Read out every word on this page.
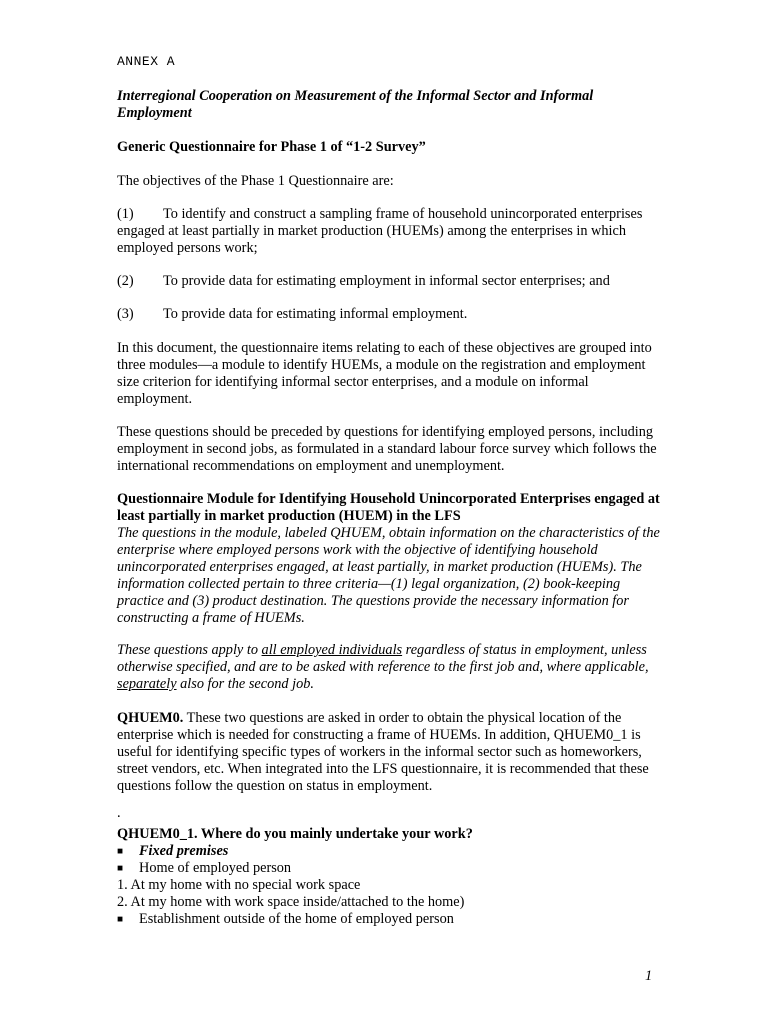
ANNEX A

Interregional Cooperation on Measurement of the Informal Sector and Informal Employment

Generic Questionnaire for Phase 1 of “1-2 Survey”

The objectives of the Phase 1 Questionnaire are:

(1) To identify and construct a sampling frame of household unincorporated enterprises engaged at least partially in market production (HUEMs) among the enterprises in which employed persons work;

(2) To provide data for estimating employment in informal sector enterprises; and

(3) To provide data for estimating informal employment.

In this document, the questionnaire items relating to each of these objectives are grouped into three modules—a module to identify HUEMs, a module on the registration and employment size criterion for identifying informal sector enterprises, and a module on informal employment.

These questions should be preceded by questions for identifying employed persons, including employment in second jobs, as formulated in a standard labour force survey which follows the international recommendations on employment and unemployment.

Questionnaire Module for Identifying Household Unincorporated Enterprises engaged at least partially in market production (HUEM) in the LFS

The questions in the module, labeled QHUEM, obtain information on the characteristics of the enterprise where employed persons work with the objective of identifying household unincorporated enterprises engaged, at least partially, in market production (HUEMs). The information collected pertain to three criteria—(1) legal organization, (2) book-keeping practice and (3) product destination. The questions provide the necessary information for constructing a frame of HUEMs.

These questions apply to all employed individuals regardless of status in employment, unless otherwise specified, and are to be asked with reference to the first job and, where applicable, separately also for the second job.

QHUEM0. These two questions are asked in order to obtain the physical location of the enterprise which is needed for constructing a frame of HUEMs. In addition, QHUEM0_1 is useful for identifying specific types of workers in the informal sector such as homeworkers, street vendors, etc. When integrated into the LFS questionnaire, it is recommended that these questions follow the question on status in employment.

.

QHUEM0_1. Where do you mainly undertake your work?

■ Fixed premises
■ Home of employed person
1. At my home with no special work space
2. At my home with work space inside/attached to the home)
■ Establishment outside of the home of employed person
1
